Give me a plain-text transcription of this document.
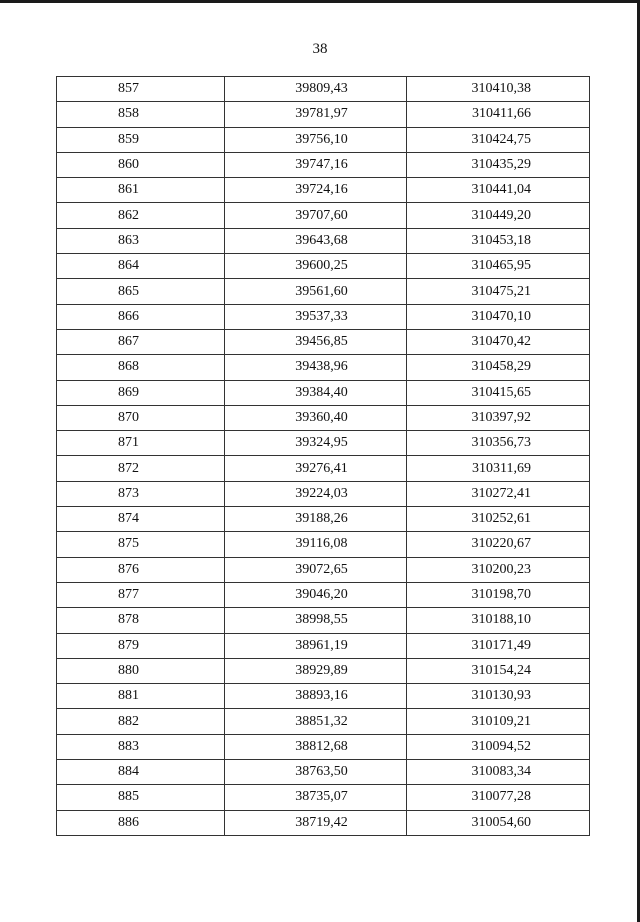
38
857	39809,43	310410,38
858	39781,97	310411,66
859	39756,10	310424,75
860	39747,16	310435,29
861	39724,16	310441,04
862	39707,60	310449,20
863	39643,68	310453,18
864	39600,25	310465,95
865	39561,60	310475,21
866	39537,33	310470,10
867	39456,85	310470,42
868	39438,96	310458,29
869	39384,40	310415,65
870	39360,40	310397,92
871	39324,95	310356,73
872	39276,41	310311,69
873	39224,03	310272,41
874	39188,26	310252,61
875	39116,08	310220,67
876	39072,65	310200,23
877	39046,20	310198,70
878	38998,55	310188,10
879	38961,19	310171,49
880	38929,89	310154,24
881	38893,16	310130,93
882	38851,32	310109,21
883	38812,68	310094,52
884	38763,50	310083,34
885	38735,07	310077,28
886	38719,42	310054,60
